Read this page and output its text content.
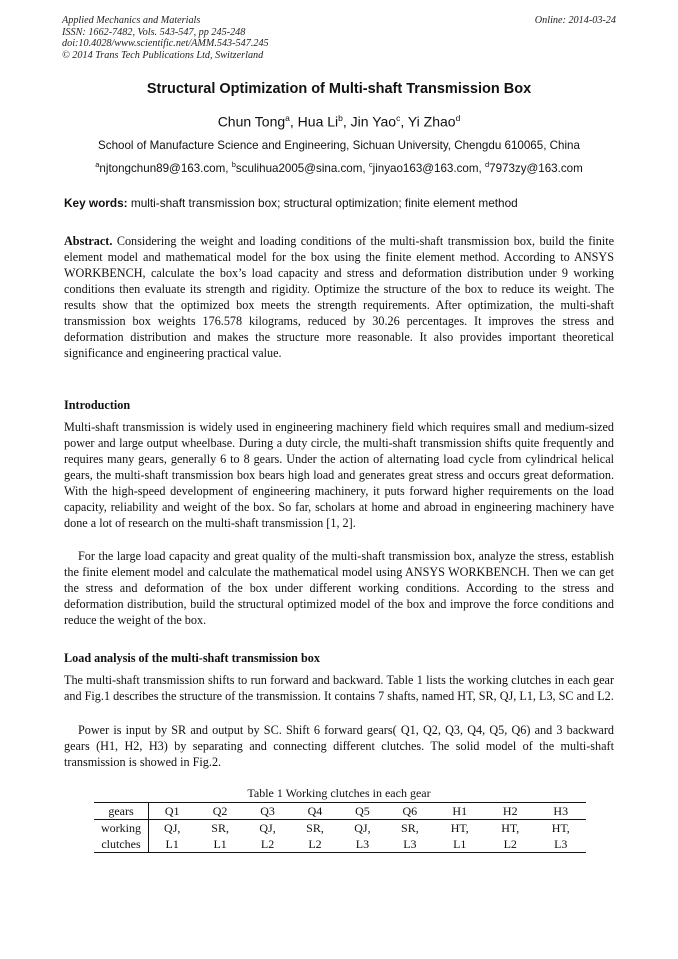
Applied Mechanics and Materials
ISSN: 1662-7482, Vols. 543-547, pp 245-248
doi:10.4028/www.scientific.net/AMM.543-547.245
© 2014 Trans Tech Publications Ltd, Switzerland
Online: 2014-03-24
Structural Optimization of Multi-shaft Transmission Box
Chun Tong$^a$, Hua Li$^b$, Jin Yao$^c$, Yi Zhao$^d$
School of Manufacture Science and Engineering, Sichuan University, Chengdu 610065, China
$^a$njtongchun89@163.com, $^b$sculihua2005@sina.com, $^c$jinyao163@163.com, $^d$7973zy@163.com
Key words: multi-shaft transmission box; structural optimization; finite element method
Abstract. Considering the weight and loading conditions of the multi-shaft transmission box, build the finite element model and mathematical model for the box using the finite element method. According to ANSYS WORKBENCH, calculate the box’s load capacity and stress and deformation distribution under 9 working conditions then evaluate its strength and rigidity. Optimize the structure of the box to reduce its weight. The results show that the optimized box meets the strength requirements. After optimization, the multi-shaft transmission box weights 176.578 kilograms, reduced by 30.26 percentages. It improves the stress and deformation distribution and makes the structure more reasonable. It also provides important theoretical significance and engineering practical value.
Introduction
Multi-shaft transmission is widely used in engineering machinery field which requires small and medium-sized power and large output wheelbase. During a duty circle, the multi-shaft transmission shifts quite frequently and requires many gears, generally 6 to 8 gears. Under the action of alternating load cycle from cylindrical helical gears, the multi-shaft transmission box bears high load and generates great stress and occurs great deformation. With the high-speed development of engineering machinery, it puts forward higher requirements on the load capacity, reliability and weight of the box. So far, scholars at home and abroad in engineering machinery have done a lot of research on the multi-shaft transmission [1, 2].
For the large load capacity and great quality of the multi-shaft transmission box, analyze the stress, establish the finite element model and calculate the mathematical model using ANSYS WORKBENCH. Then we can get the stress and deformation of the box under different working conditions. According to the stress and deformation distribution, build the structural optimized model of the box and improve the force conditions and reduce the weight of the box.
Load analysis of the multi-shaft transmission box
The multi-shaft transmission shifts to run forward and backward. Table 1 lists the working clutches in each gear and Fig.1 describes the structure of the transmission. It contains 7 shafts, named HT, SR, QJ, L1, L3, SC and L2.
Power is input by SR and output by SC. Shift 6 forward gears( Q1, Q2, Q3, Q4, Q5, Q6) and 3 backward gears (H1, H2, H3) by separating and connecting different clutches. The solid model of the multi-shaft transmission is showed in Fig.2.
Table 1 Working clutches in each gear
gears	Q1	Q2	Q3	Q4	Q5	Q6	H1	H2	H3
working	QJ,	SR,	QJ,	SR,	QJ,	SR,	HT,	HT,	HT,
clutches	L1	L1	L2	L2	L3	L3	L1	L2	L3
